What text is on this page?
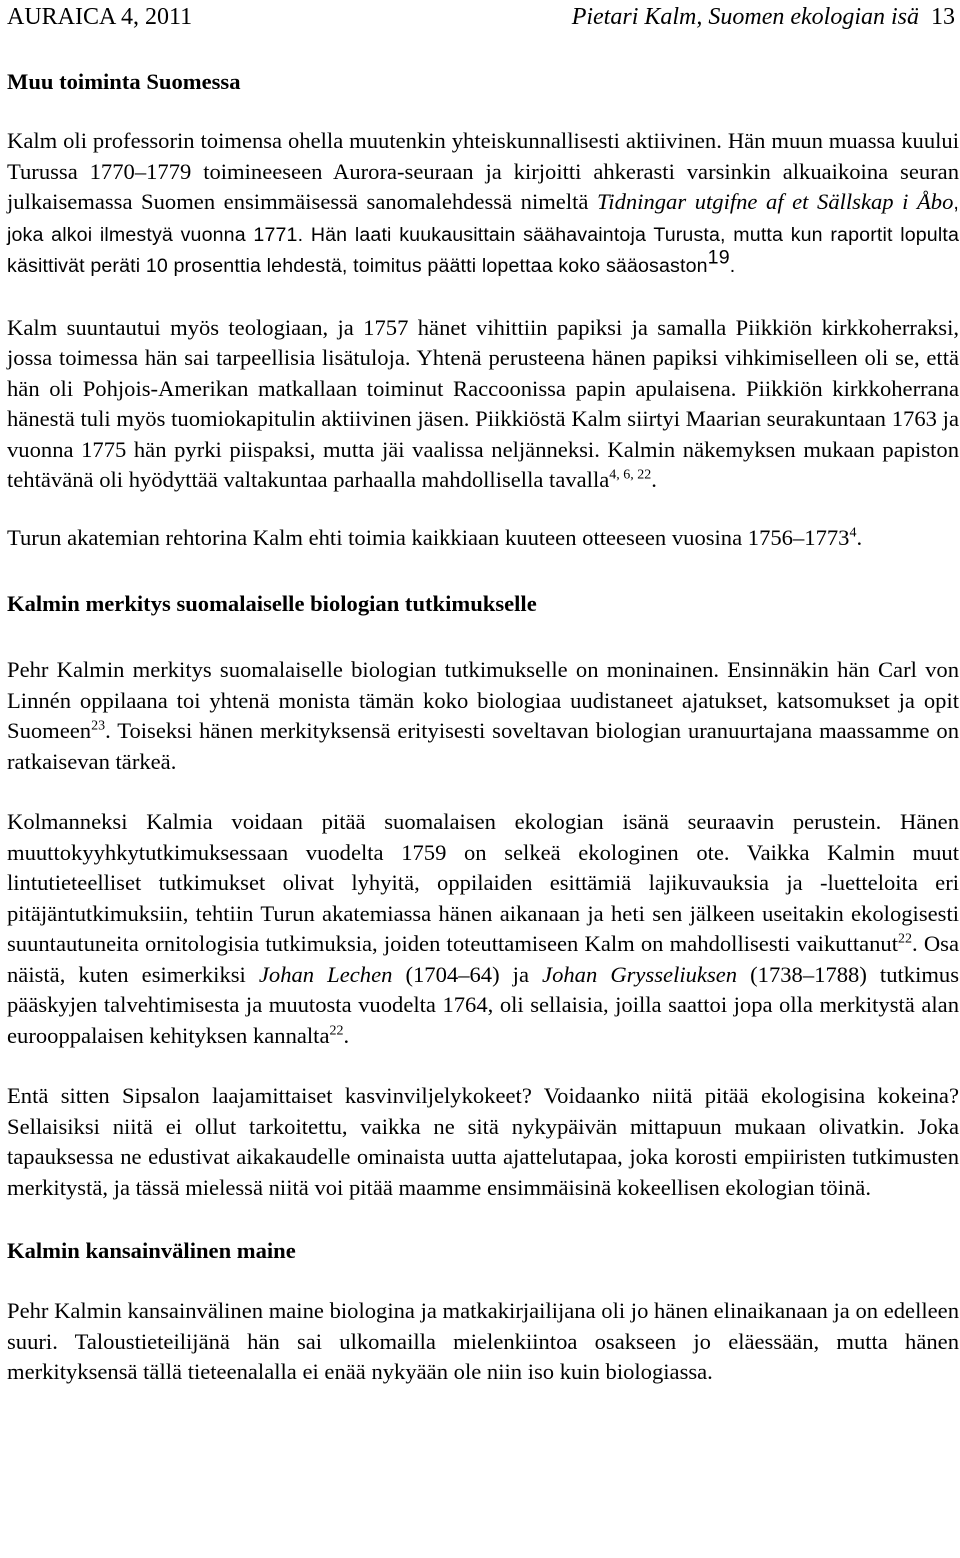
AURAICA 4, 2011	Pietari Kalm, Suomen ekologian isä 13
Muu toiminta Suomessa

Kalm oli professorin toimensa ohella muutenkin yhteiskunnallisesti aktiivinen. Hän muun muassa kuului Turussa 1770–1779 toimineeseen Aurora-seuraan ja kirjoitti ahkerasti varsinkin alkuaikoina seuran julkaisemassa Suomen ensimmäisessä sanomalehdessä nimeltä Tidningar utgifne af et Sällskap i Åbo, joka alkoi ilmestyä vuonna 1771. Hän laati kuukausittain säähavaintoja Turusta, mutta kun raportit lopulta käsittivät peräti 10 prosenttia lehdestä, toimitus päätti lopettaa koko sääosaston$^{19}$.

Kalm suuntautui myös teologiaan, ja 1757 hänet vihittiin papiksi ja samalla Piikkiön kirkkoherraksi, jossa toimessa hän sai tarpeellisia lisätuloja. Yhtenä perusteena hänen papiksi vihkimiselleen oli se, että hän oli Pohjois-Amerikan matkallaan toiminut Raccoonissa papin apulaisena. Piikkiön kirkkoherrana hänestä tuli myös tuomiokapitulin aktiivinen jäsen. Piikkiöstä Kalm siirtyi Maarian seurakuntaan 1763 ja vuonna 1775 hän pyrki piispaksi, mutta jäi vaalissa neljänneksi. Kalmin näkemyksen mukaan papiston tehtävänä oli hyödyttää valtakuntaa parhaalla mahdollisella tavalla$^{4, 6, 22}$.

Turun akatemian rehtorina Kalm ehti toimia kaikkiaan kuuteen otteeseen vuosina 1756–1773$^4$.

Kalmin merkitys suomalaiselle biologian tutkimukselle

Pehr Kalmin merkitys suomalaiselle biologian tutkimukselle on moninainen. Ensinnäkin hän Carl von Linnén oppilaana toi yhtenä monista tämän koko biologiaa uudistaneet ajatukset, katsomukset ja opit Suomeen$^{23}$. Toiseksi hänen merkityksensä erityisesti soveltavan biologian uranuurtajana maassamme on ratkaisevan tärkeä.

Kolmanneksi Kalmia voidaan pitää suomalaisen ekologian isänä seuraavin perustein. Hänen muuttokyyhkytutkimuksessaan vuodelta 1759 on selkeä ekologinen ote. Vaikka Kalmin muut lintutieteelliset tutkimukset olivat lyhyitä, oppilaiden esittämiä lajikuvauksia ja -luetteloita eri pitäjäntutkimuksiin, tehtiin Turun akatemiassa hänen aikanaan ja heti sen jälkeen useitakin ekologisesti suuntautuneita ornitologisia tutkimuksia, joiden toteuttamiseen Kalm on mahdollisesti vaikuttanut$^{22}$. Osa näistä, kuten esimerkiksi Johan Lechen (1704–64) ja Johan Grysseliuksen (1738–1788) tutkimus pääskyjen talvehtimisesta ja muutosta vuodelta 1764, oli sellaisia, joilla saattoi jopa olla merkitystä alan eurooppalaisen kehityksen kannalta$^{22}$.

Entä sitten Sipsalon laajamittaiset kasvinviljelykokeet? Voidaanko niitä pitää ekologisina kokeina? Sellaisiksi niitä ei ollut tarkoitettu, vaikka ne sitä nykypäivän mittapuun mukaan olivatkin. Joka tapauksessa ne edustivat aikakaudelle ominaista uutta ajattelutapaa, joka korosti empiiristen tutkimusten merkitystä, ja tässä mielessä niitä voi pitää maamme ensimmäisinä kokeellisen ekologian töinä.

Kalmin kansainvälinen maine

Pehr Kalmin kansainvälinen maine biologina ja matkakirjailijana oli jo hänen elinaikanaan ja on edelleen suuri. Taloustieteilijänä hän sai ulkomailla mielenkiintoa osakseen jo eläessään, mutta hänen merkityksensä tällä tieteenalalla ei enää nykyään ole niin iso kuin biologiassa.
